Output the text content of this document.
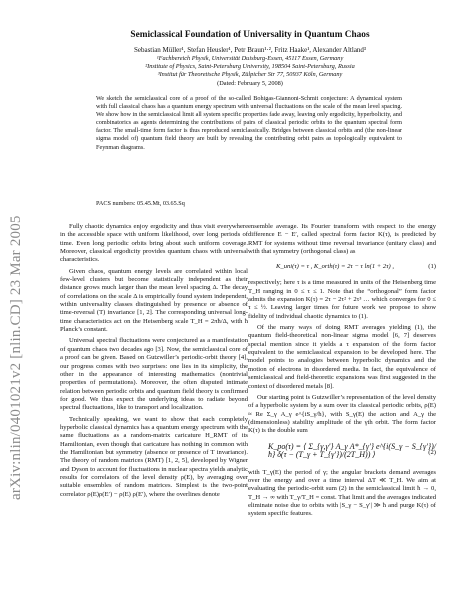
arXiv:nlin/0401021v2 [nlin.CD] 23 Mar 2005
Semiclassical Foundation of Universality in Quantum Chaos
Sebastian Müller¹, Stefan Heusler¹, Petr Braun¹·², Fritz Haake¹, Alexander Altland³
¹Fachbereich Physik, Universität Duisburg-Essen, 45117 Essen, Germany
²Institute of Physics, Saint-Petersburg University, 198504 Saint-Petersburg, Russia
³Institut für Theoretische Physik, Zülpicher Str 77, 50937 Köln, Germany
(Dated: February 5, 2008)
We sketch the semiclassical core of a proof of the so-called Bohigas-Giannoni-Schmit conjecture: A dynamical system with full classical chaos has a quantum energy spectrum with universal fluctuations on the scale of the mean level spacing. We show how in the semiclassical limit all system specific properties fade away, leaving only ergodicity, hyperbolicity, and combinatorics as agents determining the contributions of pairs of classical periodic orbits to the quantum spectral form factor. The small-time form factor is thus reproduced semiclassically. Bridges between classical orbits and (the non-linear sigma model of) quantum field theory are built by revealing the contributing orbit pairs as topologically equivalent to Feynman diagrams.
PACS numbers: 05.45.Mt, 03.65.Sq

Fully chaotic dynamics enjoy ergodicity and thus visit everywhere in the accessible space with uniform likelihood, over long periods of time. Even long periodic orbits bring about such uniform coverage. Moreover, classical ergodicity provides quantum chaos with universal characteristics.

Given chaos, quantum energy levels are correlated within local few-level clusters but become statistically independent as their distance grows much larger than the mean level spacing Δ. The decay of correlations on the scale Δ is empirically found system independent, within universality classes distinguished by presence or absence of time-reversal (T) invariance [1, 2]. The corresponding universal long-time characteristics act on the Heisenberg scale T_H = 2πħ/Δ, with ħ Planck’s constant.

Universal spectral fluctuations were conjectured as a manifestation of quantum chaos two decades ago [3]. Now, the semiclassical core of a proof can be given. Based on Gutzwiller’s periodic-orbit theory [4], our progress comes with two surprises: one lies in its simplicity, the other in the appearance of interesting mathematics (nontrivial properties of permutations). Moreover, the often disputed intimate relation between periodic orbits and quantum field theory is confirmed for good. We thus expect the underlying ideas to radiate beyond spectral fluctuations, like to transport and localization.

Technically speaking, we want to show that each completely hyperbolic classical dynamics has a quantum energy spectrum with the same fluctuations as a random-matrix caricature H_RMT of its Hamiltonian, even though that caricature has nothing in common with the Hamiltonian but symmetry (absence or presence of T invariance). The theory of random matrices (RMT) [1, 2, 5], developed by Wigner and Dyson to account for fluctuations in nuclear spectra yields analytic results for correlators of the level density ρ(E), by averaging over suitable ensembles of random matrices. Simplest is the two-point correlator ρ(E)ρ(E′) − ρ(E) ρ(E′), where the overlines denote

ensemble average. Its Fourier transform with respect to the energy difference E − E′, called spectral form factor K(τ), is predicted by RMT for systems without time reversal invariance (unitary class) and with that symmetry (orthogonal class) as

K_uni(τ) = τ , K_orth(τ) = 2τ − τ ln(1 + 2τ) ,	(1)

respectively; here τ is a time measured in units of the Heisenberg time T_H ranging in 0 ≤ τ ≤ 1. Note that the “orthogonal” form factor admits the expansion K(τ) = 2τ − 2τ² + 2τ³ … which converges for 0 ≤ τ ≤ ½. Leaving larger times for future work we propose to show fidelity of individual chaotic dynamics to (1).

Of the many ways of doing RMT averages yielding (1), the quantum field-theoretical non-linear sigma model [6, 7] deserves special mention since it yields a τ expansion of the form factor equivalent to the semiclassical expansion to be developed here. The model points to analogies between hyperbolic dynamics and the motion of electrons in disordered media. In fact, the equivalence of semiclassical and field-theoretic expansions was first suggested in the context of disordered metals [8].

Our starting point is Gutzwiller’s representation of the level density of a hyperbolic system by a sum over its classical periodic orbits, ρ(E) ≈ Re Σ_γ A_γ e^{iS_γ/ħ}, with S_γ(E) the action and A_γ the (dimensionless) stability amplitude of the γth orbit. The form factor K(τ) is the double sum

K_po(τ) = ⟨ Σ_{γ,γ′} A_γ A*_{γ′} e^{i(S_γ − S_{γ′})/ħ} δ(τ − (T_γ + T_{γ′})/(2T_H)) ⟩	(2)

with T_γ(E) the period of γ; the angular brackets demand averages over the energy and over a time interval ΔT ≪ T_H. We aim at evaluating the periodic-orbit sum (2) in the semiclassical limit ħ → 0, T_H → ∞ with T_γ/T_H = const. That limit and the averages indicated eliminate noise due to orbits with |S_γ − S_γ′| ≫ ħ and purge K(τ) of system specific features.
